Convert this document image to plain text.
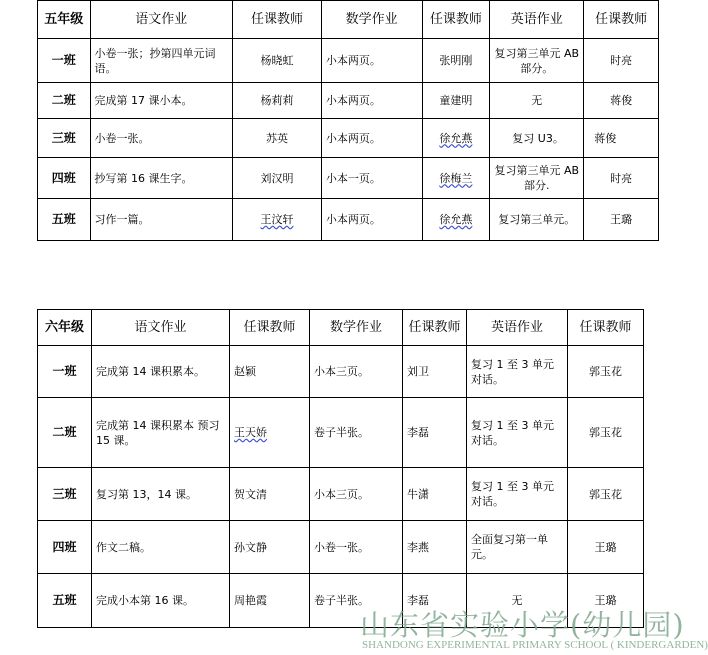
五年级	语文作业	任课教师	数学作业	任课教师	英语作业	任课教师
一班	小卷一张；抄第四单元词语。	杨晓虹	小本两页。	张明刚	复习第三单元 AB 部分。	时亮
二班	完成第 17 课小本。	杨莉莉	小本两页。	童建明	无	蒋俊
三班	小卷一张。	苏英	小本两页。	徐允燕	复习 U3。	蒋俊
四班	抄写第 16 课生字。	刘汉明	小本一页。	徐梅兰	复习第三单元 AB 部分.	时亮
五班	习作一篇。	王汶轩	小本两页。	徐允燕	复习第三单元。	王璐
六年级	语文作业	任课教师	数学作业	任课教师	英语作业	任课教师
一班	完成第 14 课积累本。	赵颖	小本三页。	刘卫	复习 1 至 3 单元对话。	郭玉花
二班	完成第 14 课积累本 预习 15 课。	王天娇	卷子半张。	李磊	复习 1 至 3 单元对话。	郭玉花
三班	复习第 13，14 课。	贺文清	小本三页。	牛潇	复习 1 至 3 单元对话。	郭玉花
四班	作文二稿。	孙文静	小卷一张。	李燕	全面复习第一单元。	王璐
五班	完成小本第 16 课。	周艳霞	卷子半张。	李磊	无	王璐
山东省实验小学(幼儿园)
SHANDONG EXPERIMENTAL PRIMARY SCHOOL ( KINDERGARDEN)
